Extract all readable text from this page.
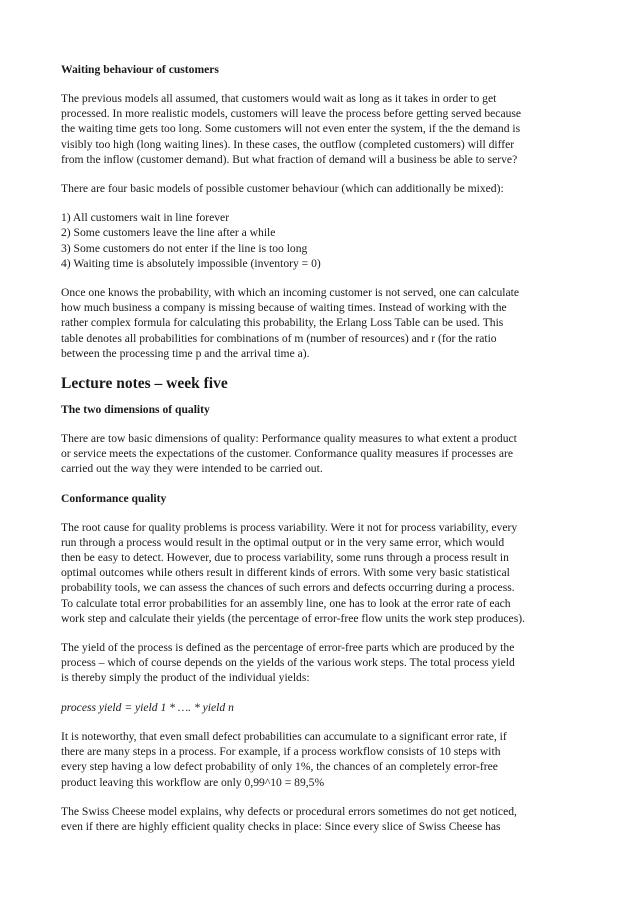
Waiting behaviour of customers

The previous models all assumed, that customers would wait as long as it takes in order to get
processed. In more realistic models, customers will leave the process before getting served because
the waiting time gets too long. Some customers will not even enter the system, if the the demand is
visibly too high (long waiting lines). In these cases, the outflow (completed customers) will differ
from the inflow (customer demand). But what fraction of demand will a business be able to serve?

There are four basic models of possible customer behaviour (which can additionally be mixed):

1) All customers wait in line forever
2) Some customers leave the line after a while
3) Some customers do not enter if the line is too long
4) Waiting time is absolutely impossible (inventory = 0)

Once one knows the probability, with which an incoming customer is not served, one can calculate
how much business a company is missing because of waiting times. Instead of working with the
rather complex formula for calculating this probability, the Erlang Loss Table can be used. This
table denotes all probabilities for combinations of m (number of resources) and r (for the ratio
between the processing time p and the arrival time a).

Lecture notes – week five
The two dimensions of quality

There are tow basic dimensions of quality: Performance quality measures to what extent a product
or service meets the expectations of the customer. Conformance quality measures if processes are
carried out the way they were intended to be carried out.

Conformance quality

The root cause for quality problems is process variability. Were it not for process variability, every
run through a process would result in the optimal output or in the very same error, which would
then be easy to detect. However, due to process variability, some runs through a process result in
optimal outcomes while others result in different kinds of errors. With some very basic statistical
probability tools, we can assess the chances of such errors and defects occurring during a process.
To calculate total error probabilities for an assembly line, one has to look at the error rate of each
work step and calculate their yields (the percentage of error-free flow units the work step produces).

The yield of the process is defined as the percentage of error-free parts which are produced by the
process – which of course depends on the yields of the various work steps. The total process yield
is thereby simply the product of the individual yields:

process yield = yield 1 * …. * yield n

It is noteworthy, that even small defect probabilities can accumulate to a significant error rate, if
there are many steps in a process. For example, if a process workflow consists of 10 steps with
every step having a low defect probability of only 1%, the chances of an completely error-free
product leaving this workflow are only 0,99^10 = 89,5%

The Swiss Cheese model explains, why defects or procedural errors sometimes do not get noticed,
even if there are highly efficient quality checks in place: Since every slice of Swiss Cheese has
